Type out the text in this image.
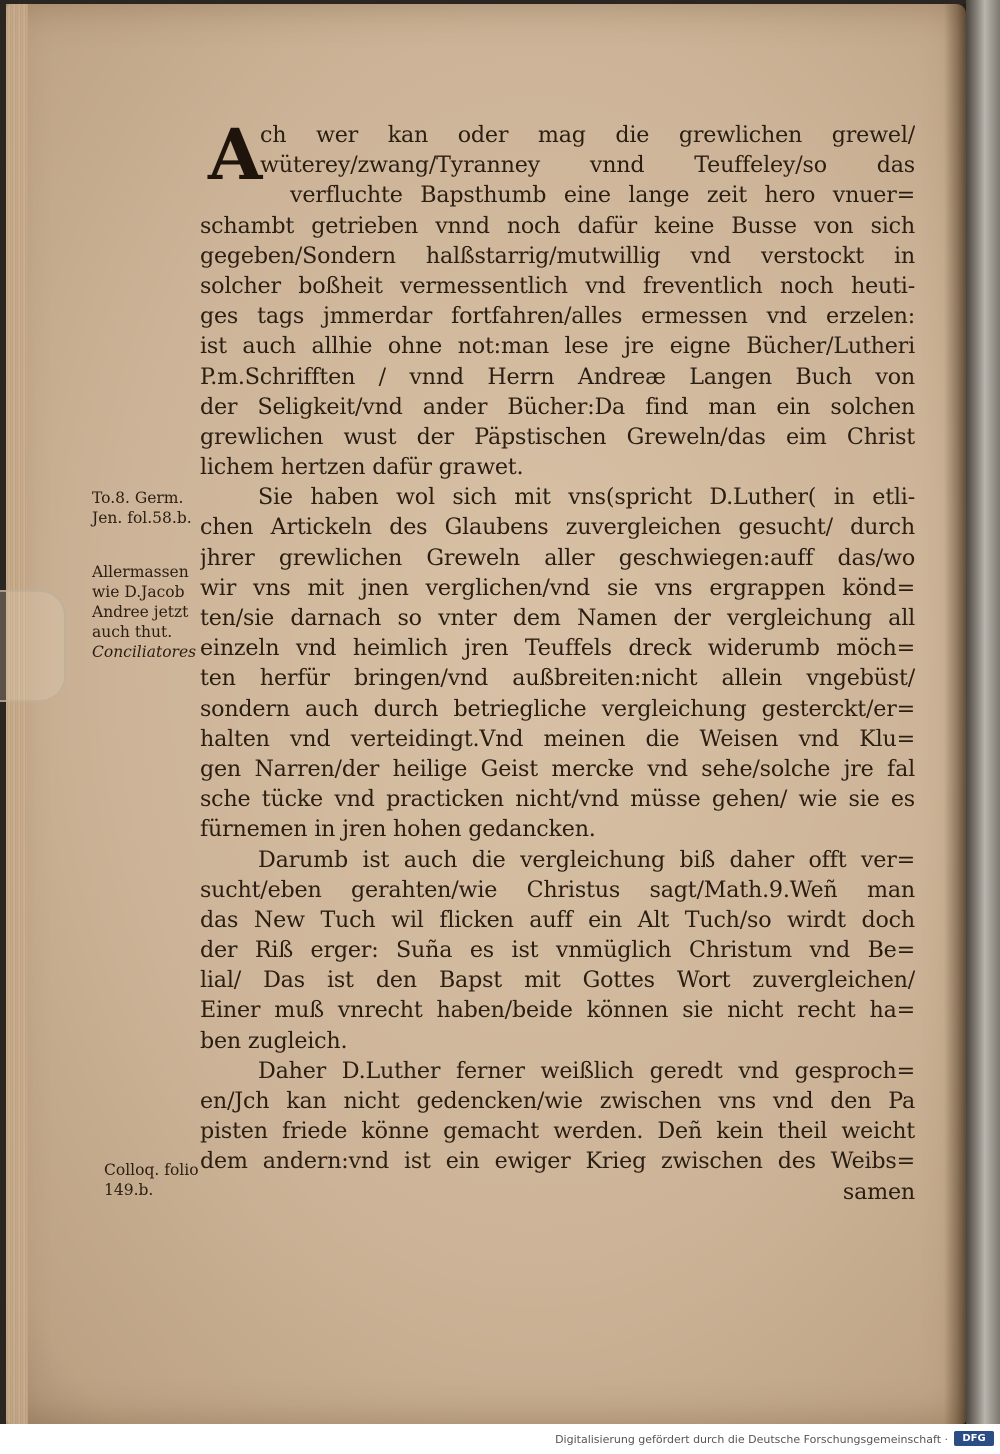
A
ch wer kan oder mag die grewlichen grewel/
wüterey/zwang/Tyranney vnnd Teuffeley/so das
verfluchte Bapsthumb eine lange zeit hero vnuer=
schambt getrieben vnnd noch dafür keine Busse von sich
gegeben/Sondern halßstarrig/mutwillig vnd verstockt in
solcher boßheit vermessentlich vnd freventlich noch heuti-
ges tags jmmerdar fortfahren/alles ermessen vnd erzelen:
ist auch allhie ohne not:man lese jre eigne Bücher/Lutheri
P.m.Schrifften / vnnd Herrn Andreæ Langen Buch von
der Seligkeit/vnd ander Bücher:Da find man ein solchen
grewlichen wust der Päpstischen Greweln/das eim Christ
lichem hertzen dafür grawet.
Sie haben wol sich mit vns(spricht D.Luther( in etli-
chen Artickeln des Glaubens zuvergleichen gesucht/ durch
jhrer grewlichen Greweln aller geschwiegen:auff das/wo
wir vns mit jnen verglichen/vnd sie vns ergrappen könd=
ten/sie darnach so vnter dem Namen der vergleichung all
einzeln vnd heimlich jren Teuffels dreck widerumb möch=
ten herfür bringen/vnd außbreiten:nicht allein vngebüst/
sondern auch durch betriegliche vergleichung gesterckt/er=
halten vnd verteidingt.Vnd meinen die Weisen vnd Klu=
gen Narren/der heilige Geist mercke vnd sehe/solche jre fal
sche tücke vnd practicken nicht/vnd müsse gehen/ wie sie es
fürnemen in jren hohen gedancken.
Darumb ist auch die vergleichung biß daher offt ver=
sucht/eben gerahten/wie Christus sagt/Math.9.Weñ man
das New Tuch wil flicken auff ein Alt Tuch/so wirdt doch
der Riß erger: Suña es ist vnmüglich Christum vnd Be=
lial/ Das ist den Bapst mit Gottes Wort zuvergleichen/
Einer muß vnrecht haben/beide können sie nicht recht ha=
ben zugleich.
Daher D.Luther ferner weißlich geredt vnd gesproch=
en/Jch kan nicht gedencken/wie zwischen vns vnd den Pa
pisten friede könne gemacht werden. Deñ kein theil weicht
dem andern:vnd ist ein ewiger Krieg zwischen des Weibs=
samen
To.8. Germ.
Jen. fol.58.b.
Allermassen
wie D.Jacob
Andree jetzt
auch thut.
Conciliatores
Colloq. folio
149.b.
Digitalisierung gefördert durch die Deutsche Forschungsgemeinschaft ·	DFG
